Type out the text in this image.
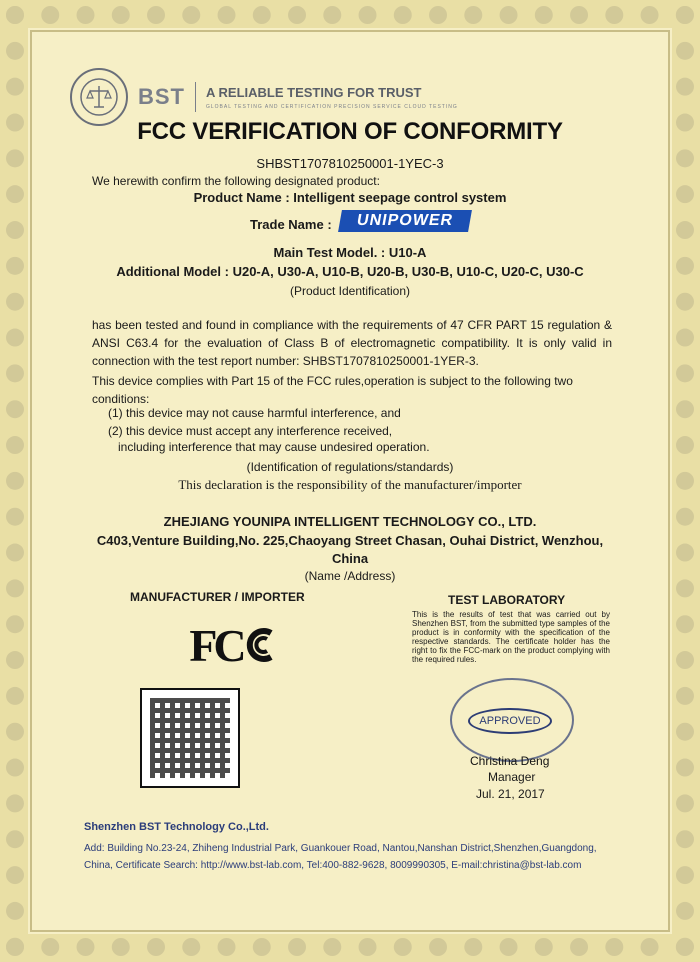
BST A RELIABLE TESTING FOR TRUST
GLOBAL TESTING AND CERTIFICATION PRECISION SERVICE CLOUD TESTING
FCC VERIFICATION OF CONFORMITY
SHBST1707810250001-1YEC-3
We herewith confirm the following designated product:
Product Name : Intelligent seepage control system
Trade Name :	UNIPOWER
Main Test Model. : U10-A
Additional Model : U20-A, U30-A, U10-B, U20-B, U30-B, U10-C, U20-C, U30-C
(Product Identification)
has been tested and found in compliance with the requirements of 47 CFR PART 15 regulation & ANSI C63.4 for the evaluation of Class B of electromagnetic compatibility. It is only valid in connection with the test report number: SHBST1707810250001-1YER-3.
This device complies with Part 15 of the FCC rules,operation is subject to the following two conditions:
(1) this device may not cause harmful interference, and
(2) this device must accept any interference received,
including interference that may cause undesired operation.
(Identification of regulations/standards)
This declaration is the responsibility of the manufacturer/importer
ZHEJIANG YOUNIPA INTELLIGENT TECHNOLOGY CO., LTD.
C403,Venture Building,No. 225,Chaoyang Street Chasan, Ouhai District, Wenzhou,
China
(Name /Address)
MANUFACTURER / IMPORTER
FC
TEST LABORATORY
This is the results of test that was carried out by Shenzhen BST, from the submitted type samples of the product is in conformity with the specification of the respective standards. The certificate holder has the right to fix the FCC-mark on the product complying with the required rules.
APPROVED
Christina Deng
Manager
Jul. 21, 2017
Shenzhen BST Technology Co.,Ltd.
Add: Building No.23-24, Zhiheng Industrial Park, Guankouer Road, Nantou,Nanshan District,Shenzhen,Guangdong,
China, Certificate Search: http://www.bst-lab.com, Tel:400-882-9628, 8009990305, E-mail:christina@bst-lab.com
